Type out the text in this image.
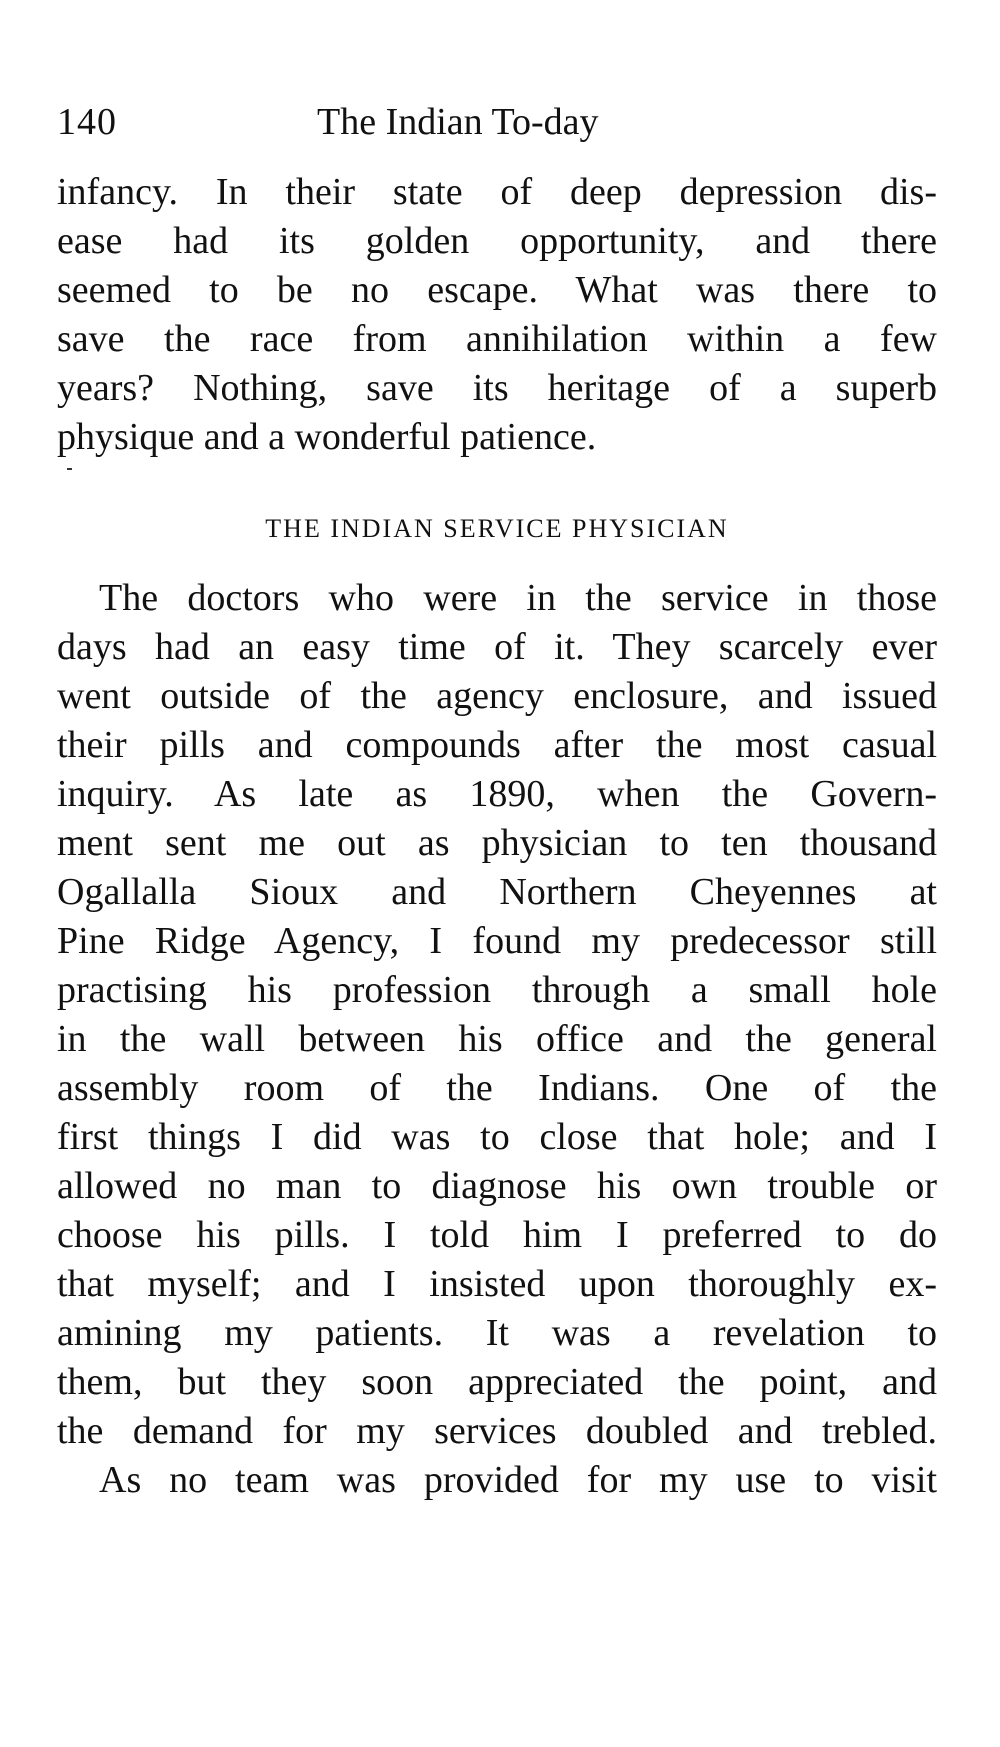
140	The Indian To-day

infancy. In their state of deep depression dis-
ease had its golden opportunity, and there
seemed to be no escape. What was there to
save the race from annihilation within a few
years? Nothing, save its heritage of a superb
physique and a wonderful patience.

THE INDIAN SERVICE PHYSICIAN

The doctors who were in the service in those
days had an easy time of it. They scarcely ever
went outside of the agency enclosure, and issued
their pills and compounds after the most casual
inquiry. As late as 1890, when the Govern-
ment sent me out as physician to ten thousand
Ogallalla Sioux and Northern Cheyennes at
Pine Ridge Agency, I found my predecessor still
practising his profession through a small hole
in the wall between his office and the general
assembly room of the Indians. One of the
first things I did was to close that hole; and I
allowed no man to diagnose his own trouble or
choose his pills. I told him I preferred to do
that myself; and I insisted upon thoroughly ex-
amining my patients. It was a revelation to
them, but they soon appreciated the point, and
the demand for my services doubled and trebled.

As no team was provided for my use to visit
